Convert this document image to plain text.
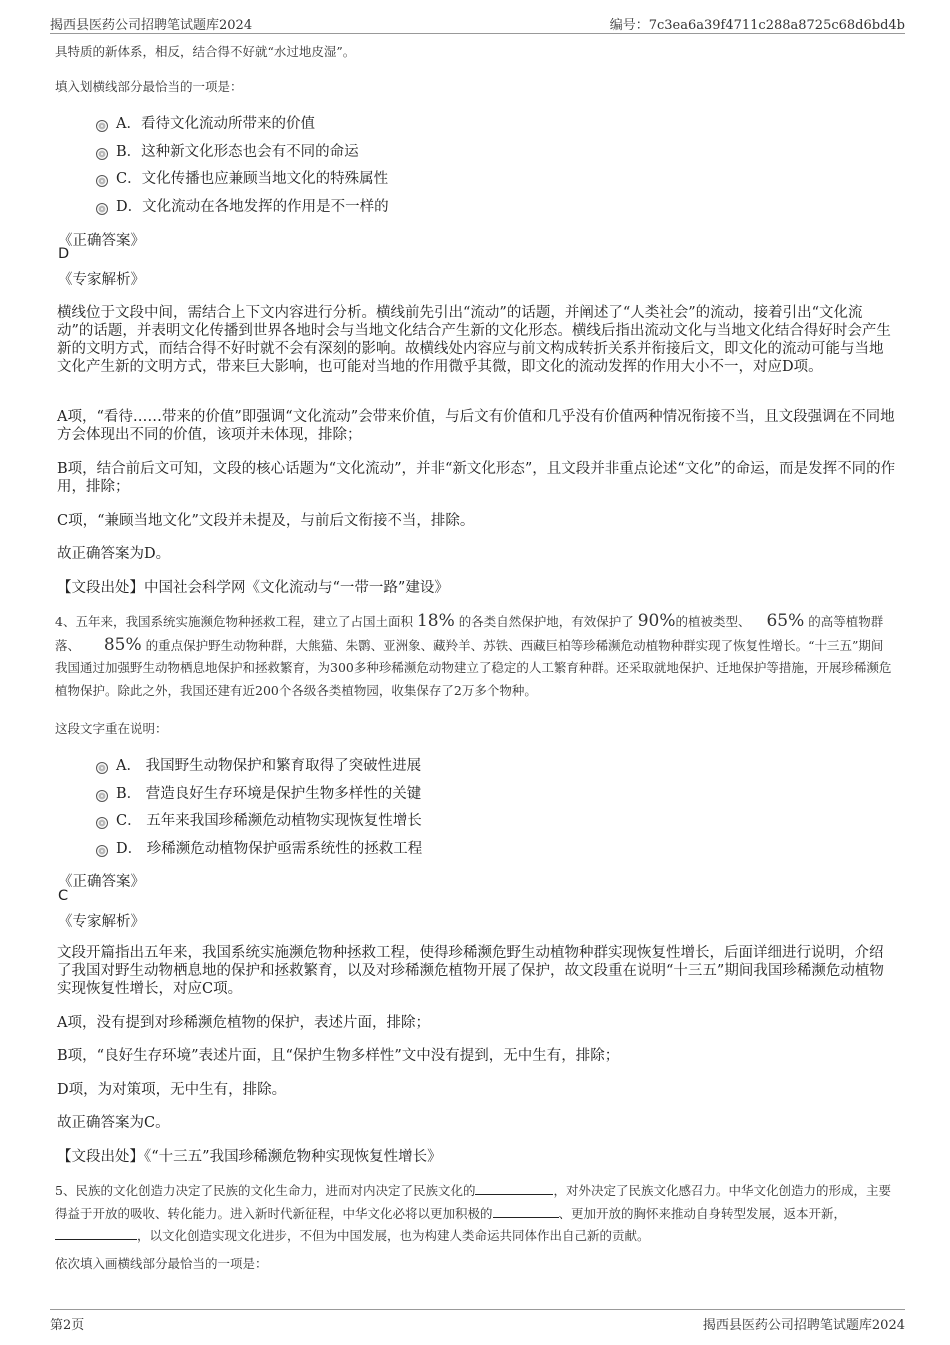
揭西县医药公司招聘笔试题库2024	编号：7c3ea6a39f4711c288a8725c68d6bd4b
具特质的新体系，相反，结合得不好就“水过地皮湿”。
填入划横线部分最恰当的一项是：
A．看待文化流动所带来的价值
B．这种新文化形态也会有不同的命运
C．文化传播也应兼顾当地文化的特殊属性
D．文化流动在各地发挥的作用是不一样的
《正确答案》
D
《专家解析》
横线位于文段中间，需结合上下文内容进行分析。横线前先引出“流动”的话题，并阐述了“人类社会”的流动，接着引出“文化流动”的话题，并表明文化传播到世界各地时会与当地文化结合产生新的文化形态。横线后指出流动文化与当地文化结合得好时会产生新的文明方式，而结合得不好时就不会有深刻的影响。故横线处内容应与前文构成转折关系并衔接后文，即文化的流动可能与当地文化产生新的文明方式，带来巨大影响，也可能对当地的作用微乎其微，即文化的流动发挥的作用大小不一，对应D项。
A项，“看待……带来的价值”即强调“文化流动”会带来价值，与后文有价值和几乎没有价值两种情况衔接不当，且文段强调在不同地方会体现出不同的价值，该项并未体现，排除；
B项，结合前后文可知，文段的核心话题为“文化流动”，并非“新文化形态”，且文段并非重点论述“文化”的命运，而是发挥不同的作用，排除；
C项，“兼顾当地文化”文段并未提及，与前后文衔接不当，排除。
故正确答案为D。
【文段出处】中国社会科学网《文化流动与“一带一路”建设》
4、五年来，我国系统实施濒危物种拯救工程，建立了占国土面积 18% 的各类自然保护地，有效保护了 90%的植被类型、 65% 的高等植物群落、 85% 的重点保护野生动物种群，大熊猫、朱鹮、亚洲象、藏羚羊、苏铁、西藏巨柏等珍稀濒危动植物种群实现了恢复性增长。“十三五”期间我国通过加强野生动物栖息地保护和拯救繁育，为300多种珍稀濒危动物建立了稳定的人工繁育种群。还采取就地保护、迁地保护等措施，开展珍稀濒危植物保护。除此之外，我国还建有近200个各级各类植物园，收集保存了2万多个物种。
这段文字重在说明：
A． 我国野生动物保护和繁育取得了突破性进展
B． 营造良好生存环境是保护生物多样性的关键
C． 五年来我国珍稀濒危动植物实现恢复性增长
D． 珍稀濒危动植物保护亟需系统性的拯救工程
《正确答案》
C
《专家解析》
文段开篇指出五年来，我国系统实施濒危物种拯救工程，使得珍稀濒危野生动植物种群实现恢复性增长，后面详细进行说明，介绍了我国对野生动物栖息地的保护和拯救繁育，以及对珍稀濒危植物开展了保护，故文段重在说明“十三五”期间我国珍稀濒危动植物实现恢复性增长，对应C项。
A项，没有提到对珍稀濒危植物的保护，表述片面，排除；
B项，“良好生存环境”表述片面，且“保护生物多样性”文中没有提到，无中生有，排除；
D项，为对策项，无中生有，排除。
故正确答案为C。
【文段出处】《“十三五”我国珍稀濒危物种实现恢复性增长》
5、民族的文化创造力决定了民族的文化生命力，进而对内决定了民族文化的	，对外决定了民族文化感召力。中华文化创造力的形成，主要得益于开放的吸收、转化能力。进入新时代新征程，中华文化必将以更加积极的	、更加开放的胸怀来推动自身转型发展，返本开新，    ，以文化创造实现文化进步，不但为中国发展，也为构建人类命运共同体作出自己新的贡献。
依次填入画横线部分最恰当的一项是：
第2页	揭西县医药公司招聘笔试题库2024
